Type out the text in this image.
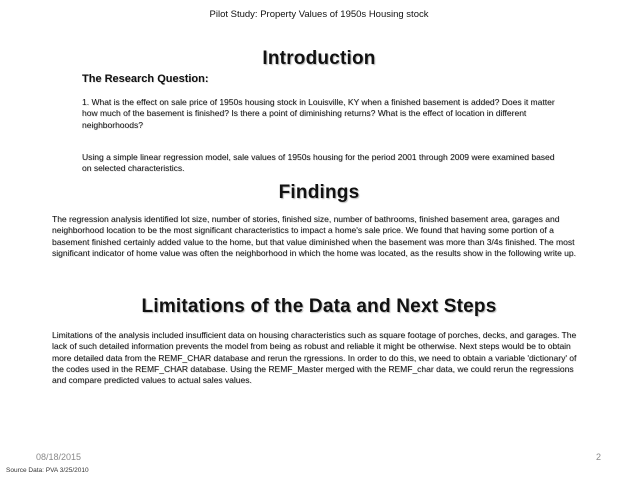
Pilot Study: Property Values of 1950s Housing stock
Introduction
The Research Question:
1. What is the effect on sale price of 1950s housing stock in Louisville, KY when a finished basement is added? Does it matter how much of the basement is finished? Is there a point of diminishing returns? What is the effect of location in different neighborhoods?
Using a simple linear regression model, sale values of 1950s housing for the period 2001 through 2009 were examined based on selected characteristics.
Findings
The regression analysis identified lot size, number of stories, finished size, number of bathrooms, finished basement area, garages and neighborhood location to be the most significant characteristics to impact a home's sale price. We found that having some portion of a basement finished certainly added value to the home, but that value diminished when the basement was more than 3/4s finished. The most significant indicator of home value was often the neighborhood in which the home was located, as the results show in the following write up.
Limitations of the Data and Next Steps
Limitations of the analysis included insufficient data on housing characteristics such as square footage of porches, decks, and garages. The lack of such detailed information prevents the model from being as robust and reliable it might be otherwise. Next steps would be to obtain more detailed data from the REMF_CHAR database and rerun the rgressions. In order to do this, we need to obtain a variable 'dictionary' of the codes used in the REMF_CHAR database. Using the REMF_Master merged with the REMF_char data, we could rerun the regressions and compare predicted values to actual sales values.
08/18/2015	2
Source Data: PVA 3/25/2010
